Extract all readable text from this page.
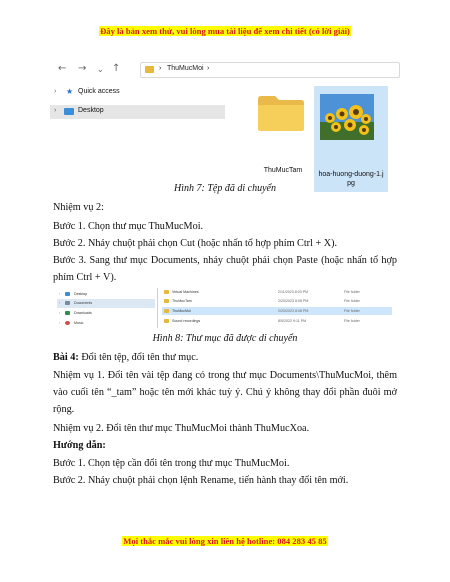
Đây là bản xem thử, vui lòng mua tài liệu để xem chi tiết (có lời giải)
← → ⌄ ↑	› ThuMucMoi ›
› ★ Quick access
›	Desktop
ThuMucTam
hoa-huong-duong-1.jpg
Hình 7: Tệp đã di chuyển
Nhiệm vụ 2:
Bước 1. Chọn thư mục ThuMucMoi.
Bước 2. Nháy chuột phải chọn Cut (hoặc nhấn tổ hợp phím Ctrl + X).
Bước 3. Sang thư mục Documents, nháy chuột phải chọn Paste (hoặc nhấn tổ hợp phím Ctrl + V).
›	Desktop
›	Documents
›	Downloads
›	Music
Virtual Machines	2/11/2023 8:03 PM	File folder
ThuMucTam	2/20/2023 8:08 PM	File folder
ThuMucMoi	2/20/2023 8:08 PM	File folder
Sound recordings	8/5/2022 9:11 PM	File folder
Hình 8: Thư mục đã được di chuyển
Bài 4: Đổi tên tệp, đổi tên thư mục.
Nhiệm vụ 1. Đổi tên vài tệp đang có trong thư mục Documents\ThuMucMoi, thêm vào cuối tên “_tam” hoặc tên mới khác tuỳ ý. Chú ý không thay đổi phần đuôi mở rộng.
Nhiệm vụ 2. Đổi tên thư mục ThuMucMoi thành ThuMucXoa.
Hướng dẫn:
Bước 1. Chọn tệp cần đổi tên trong thư mục ThuMucMoi.
Bước 2. Nháy chuột phải chọn lệnh Rename, tiến hành thay đổi tên mới.
Mọi thắc mắc vui lòng xin liên hệ hotline: 084 283 45 85
